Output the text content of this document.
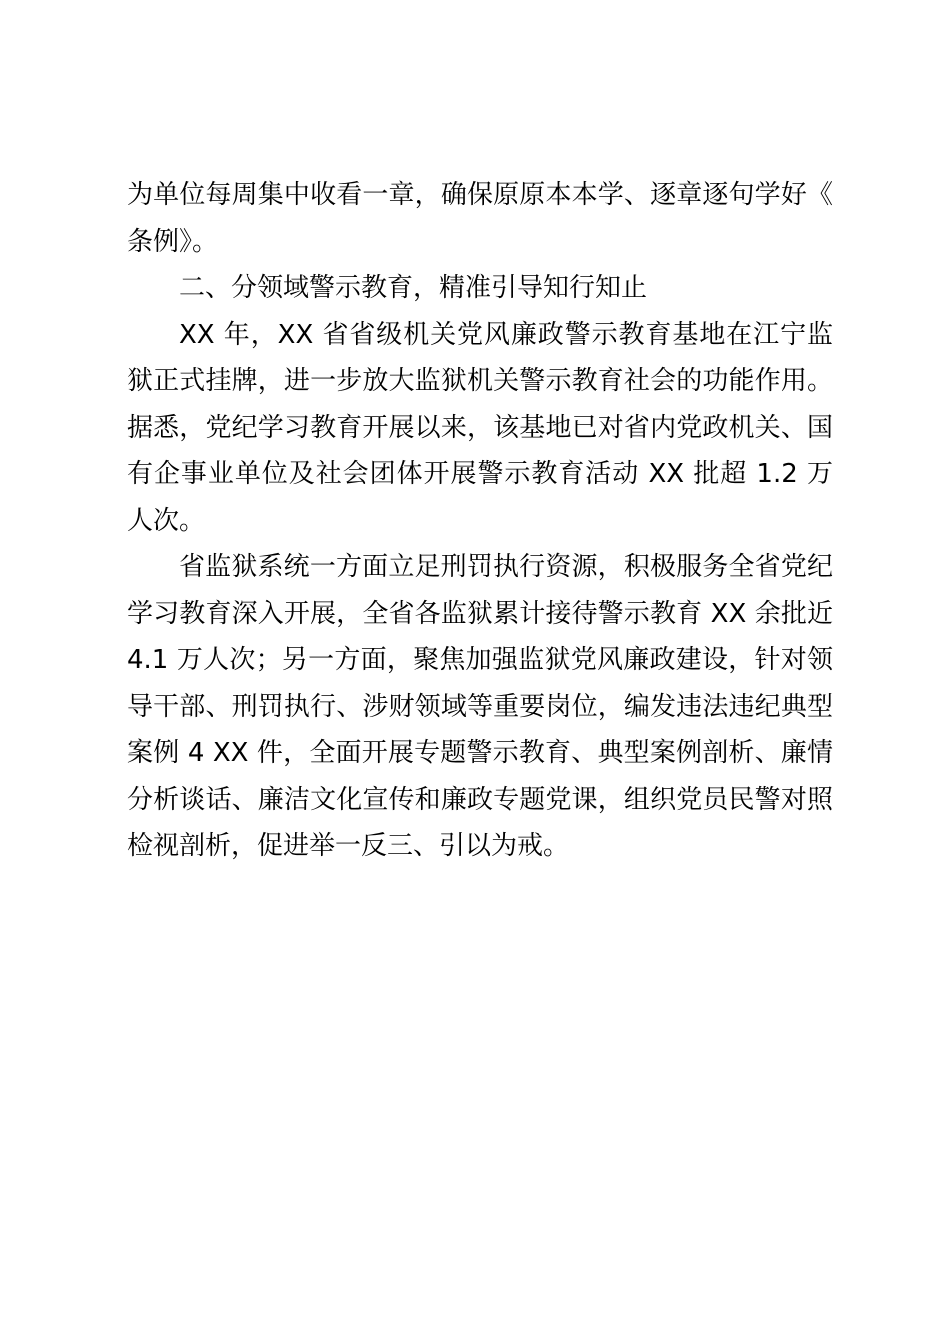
为单位每周集中收看一章，确保原原本本学、逐章逐句学好《条例》。

二、分领域警示教育，精准引导知行知止

XX 年，XX 省省级机关党风廉政警示教育基地在江宁监狱正式挂牌，进一步放大监狱机关警示教育社会的功能作用。据悉，党纪学习教育开展以来，该基地已对省内党政机关、国有企事业单位及社会团体开展警示教育活动 XX 批超 1.2 万人次。

省监狱系统一方面立足刑罚执行资源，积极服务全省党纪学习教育深入开展，全省各监狱累计接待警示教育 XX 余批近 4.1 万人次；另一方面，聚焦加强监狱党风廉政建设，针对领导干部、刑罚执行、涉财领域等重要岗位，编发违法违纪典型案例 4 XX 件，全面开展专题警示教育、典型案例剖析、廉情分析谈话、廉洁文化宣传和廉政专题党课，组织党员民警对照检视剖析，促进举一反三、引以为戒。
